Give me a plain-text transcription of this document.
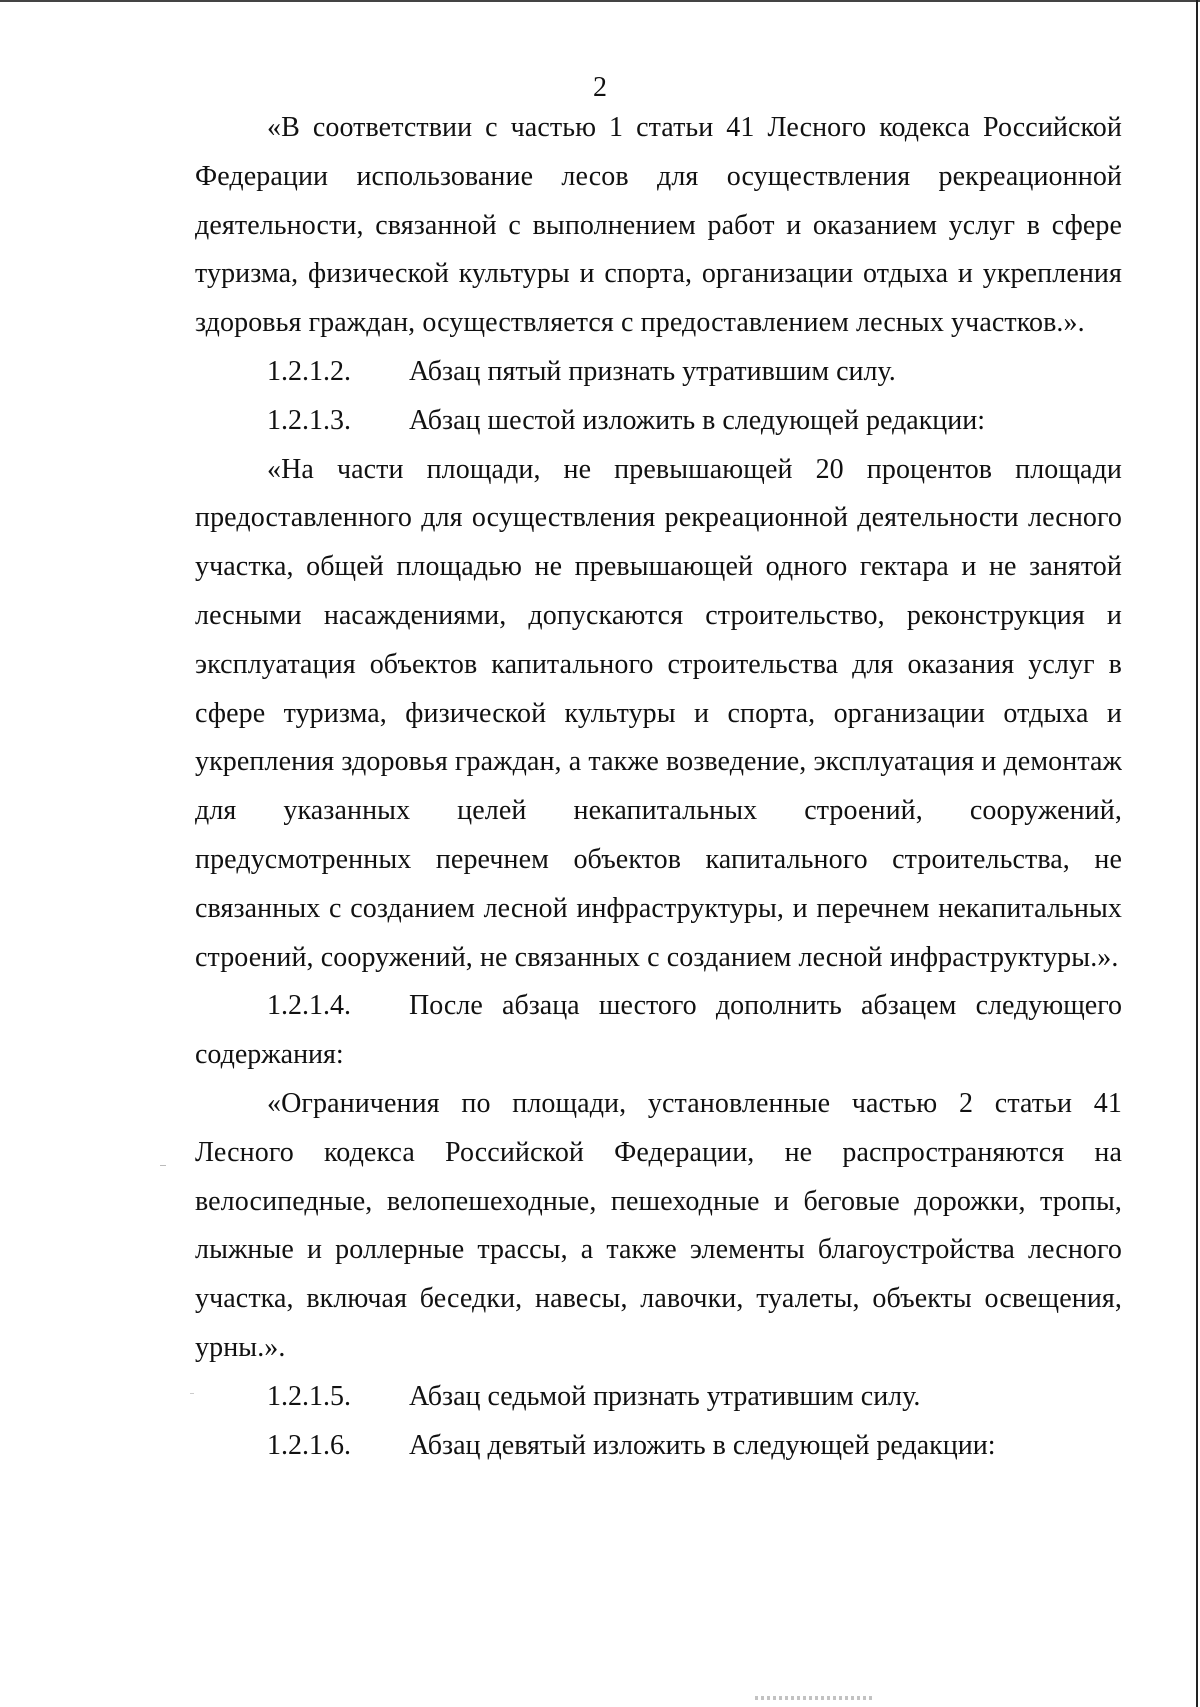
2

«В соответствии с частью 1 статьи 41 Лесного кодекса Российской Федерации использование лесов для осуществления рекреационной деятельности, связанной с выполнением работ и оказанием услуг в сфере туризма, физической культуры и спорта, организации отдыха и укрепления здоровья граждан, осуществляется с предоставлением лесных участков.».

1.2.1.2.	Абзац пятый признать утратившим силу.
1.2.1.3.	Абзац шестой изложить в следующей редакции:

«На части площади, не превышающей 20 процентов площади предоставленного для осуществления рекреационной деятельности лесного участка, общей площадью не превышающей одного гектара и не занятой лесными насаждениями, допускаются строительство, реконструкция и эксплуатация объектов капитального строительства для оказания услуг в сфере туризма, физической культуры и спорта, организации отдыха и укрепления здоровья граждан, а также возведение, эксплуатация и демонтаж для указанных целей некапитальных строений, сооружений, предусмотренных перечнем объектов капитального строительства, не связанных с созданием лесной инфраструктуры, и перечнем некапитальных строений, сооружений, не связанных с созданием лесной инфраструктуры.».

1.2.1.4.	После абзаца шестого дополнить абзацем следующего

содержания:

«Ограничения по площади, установленные частью 2 статьи 41 Лесного кодекса Российской Федерации, не распространяются на велосипедные, велопешеходные, пешеходные и беговые дорожки, тропы, лыжные и роллерные трассы, а также элементы благоустройства лесного участка, включая беседки, навесы, лавочки, туалеты, объекты освещения, урны.».

1.2.1.5.	Абзац седьмой признать утратившим силу.
1.2.1.6.	Абзац девятый изложить в следующей редакции:
